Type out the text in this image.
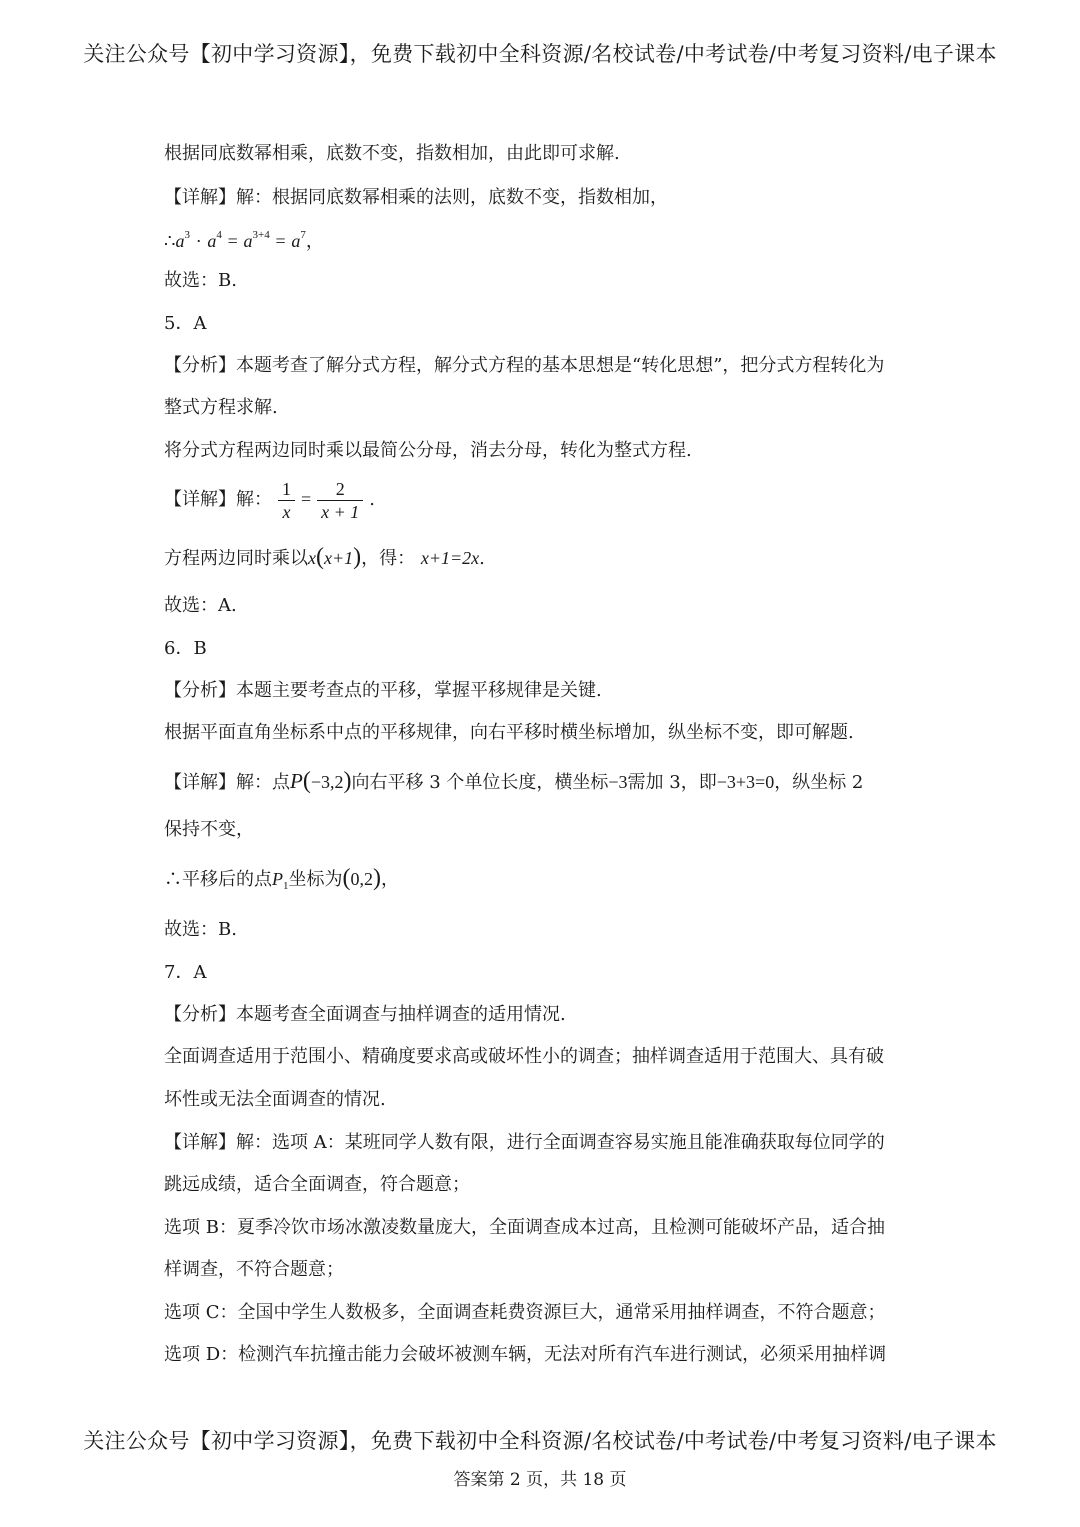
关注公众号【初中学习资源】，免费下载初中全科资源/名校试卷/中考试卷/中考复习资料/电子课本
根据同底数幂相乘，底数不变，指数相加，由此即可求解.
【详解】解：根据同底数幂相乘的法则，底数不变，指数相加，
$\therefore a^3 \cdot a^4 = a^{3+4} = a^7$，
故选：B.
5．A
【分析】本题考查了解分式方程，解分式方程的基本思想是“转化思想”，把分式方程转化为
整式方程求解.
将分式方程两边同时乘以最简公分母，消去分母，转化为整式方程.
【详解】解： $\frac{1}{x} = \frac{2}{x + 1}$ .
方程两边同时乘以x(x+1)，得： x+1=2x.
故选：A.
6．B
【分析】本题主要考查点的平移，掌握平移规律是关键.
根据平面直角坐标系中点的平移规律，向右平移时横坐标增加，纵坐标不变，即可解题.
【详解】解：点P(−3,2)向右平移 3 个单位长度，横坐标−3需加 3，即−3+3=0，纵坐标 2
保持不变，
∴平移后的点$P_1$坐标为(0,2)，
故选：B.
7．A
【分析】本题考查全面调查与抽样调查的适用情况.
全面调查适用于范围小、精确度要求高或破坏性小的调查；抽样调查适用于范围大、具有破
坏性或无法全面调查的情况.
【详解】解：选项 A：某班同学人数有限，进行全面调查容易实施且能准确获取每位同学的
跳远成绩，适合全面调查，符合题意；
选项 B：夏季冷饮市场冰激凌数量庞大，全面调查成本过高，且检测可能破坏产品，适合抽
样调查，不符合题意；
选项 C：全国中学生人数极多，全面调查耗费资源巨大，通常采用抽样调查，不符合题意；
选项 D：检测汽车抗撞击能力会破坏被测车辆，无法对所有汽车进行测试，必须采用抽样调
关注公众号【初中学习资源】，免费下载初中全科资源/名校试卷/中考试卷/中考复习资料/电子课本
答案第 2 页，共 18 页
